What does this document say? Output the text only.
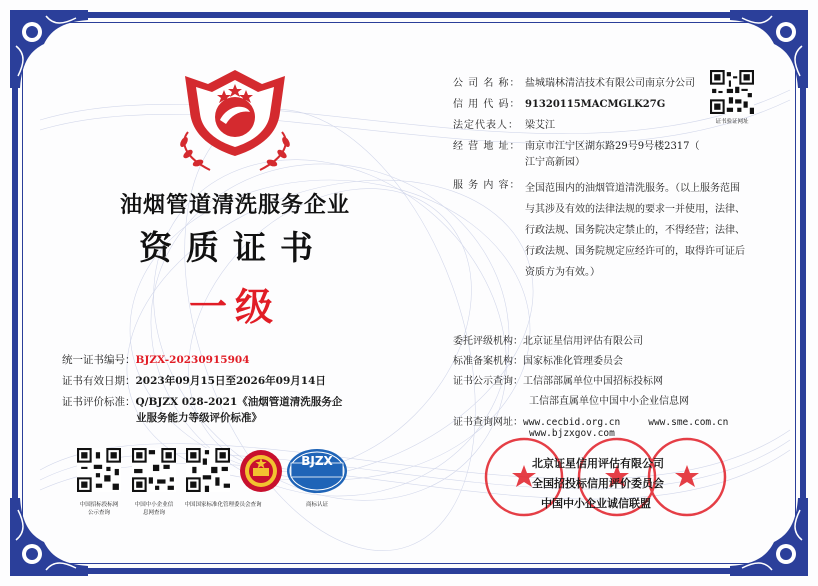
油烟管道清洗服务企业
资质证书
一级
统一证书编号：BJZX-20230915904
证书有效日期：2023年09月15日至2026年09月14日
证书评价标准：Q/BJZX 028-2021《油烟管道清洗服务企
业服务能力等级评价标准》
公 司 名 称： 盐城瑞林清洁技术有限公司南京分公司
信 用 代 码： 91320115MACMGLK27G
法定代表人： 梁艾江
经 营 地 址： 南京市江宁区湖东路29号9号楼2317（
江宁高新园）
服 务 内 容： 全国范围内的油烟管道清洗服务。（以上服务范围
与其涉及有效的法律法规的要求一并使用，法律、
行政法规、国务院决定禁止的，不得经营；法律、
行政法规、国务院规定应经许可的，取得许可证后
资质方为有效。）
证书验证网址
委托评级机构：北京证星信用评估有限公司
标准备案机构：国家标准化管理委员会
证书公示查询：工信部部属单位中国招标投标网
工信部直属单位中国中小企业信息网
证书查询网址：www.cecbid.org.cn	www.sme.com.cn
www.bjzxgov.com
中国招标投标网
公示查询
中国中小企业信
息网查询
中国国家标准化管理委员会查询
BJZX
商标认证
北京证星信用评估有限公司
全国招投标信用评价委员会
中国中小企业诚信联盟
